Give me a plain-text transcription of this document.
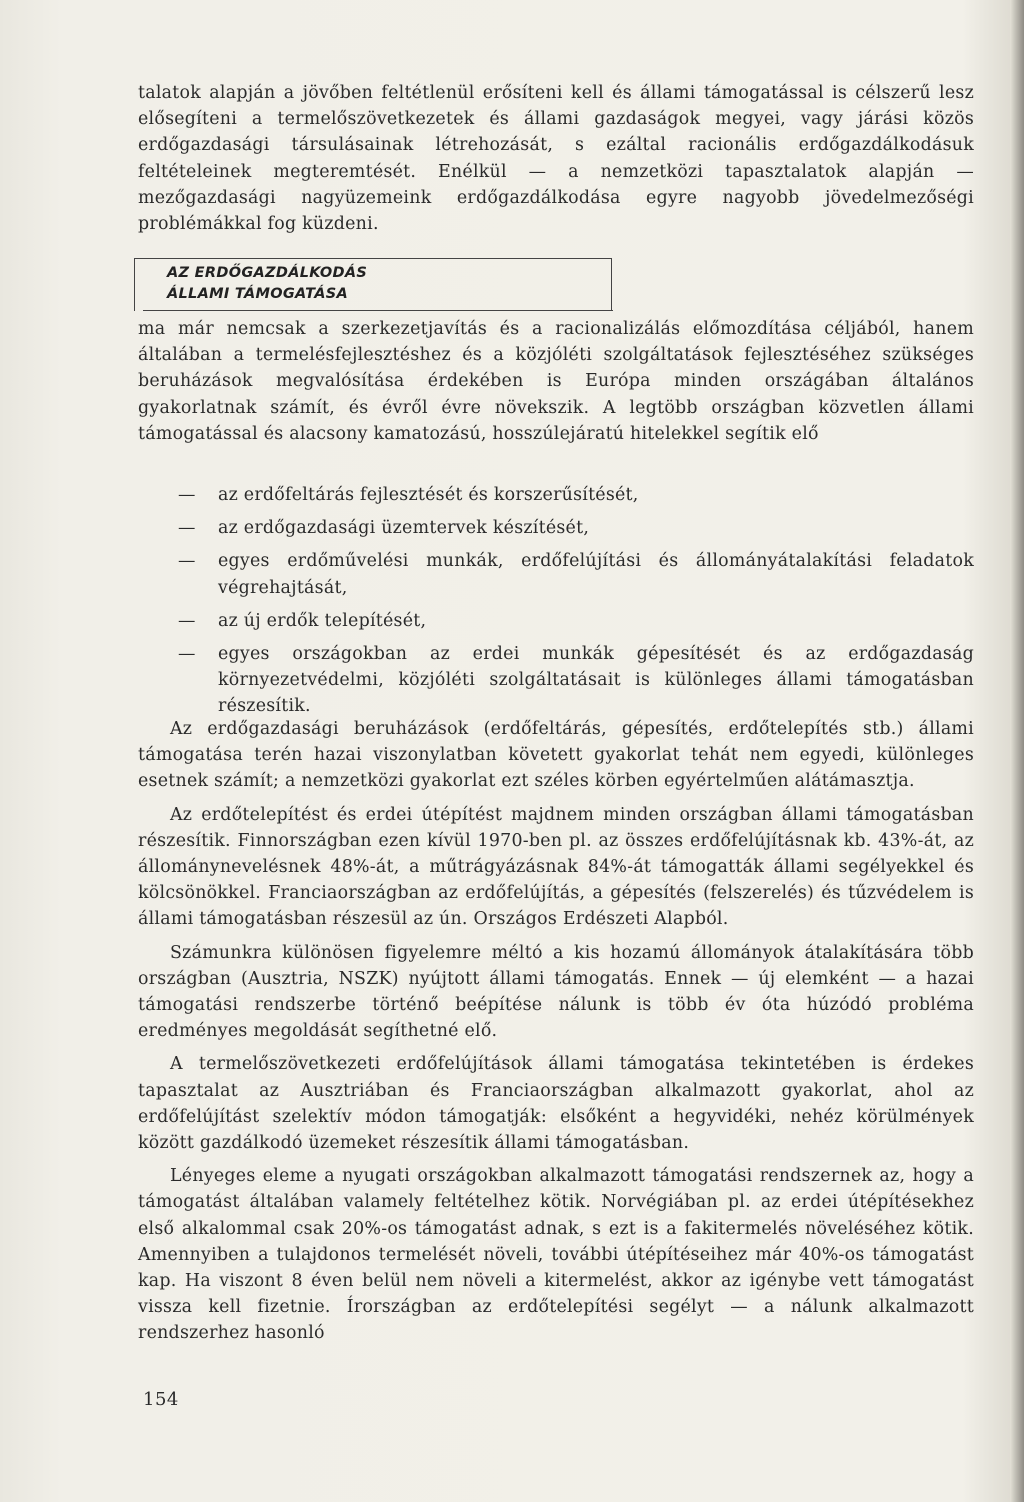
talatok alapján a jövőben feltétlenül erősíteni kell és állami támogatással is célszerű lesz elősegíteni a termelőszövetkezetek és állami gazdaságok megyei, vagy járási közös erdőgazdasági társulásainak létrehozását, s ezáltal racionális erdőgazdálkodásuk feltételeinek megteremtését. Enélkül — a nemzetközi tapasztalatok alapján — mezőgazdasági nagyüzemeink erdőgazdálkodása egyre nagyobb jövedelmezőségi problémákkal fog küzdeni.

AZ ERDŐGAZDÁLKODÁS
ÁLLAMI TÁMOGATÁSA

ma már nemcsak a szerkezetjavítás és a racionalizálás előmozdítása céljából, hanem általában a termelésfejlesztéshez és a közjóléti szolgáltatások fejlesztéséhez szükséges beruházások megvalósítása érdekében is Európa minden országában általános gyakorlatnak számít, és évről évre növekszik. A legtöbb országban közvetlen állami támogatással és alacsony kamatozású, hosszúlejáratú hitelekkel segítik elő

— az erdőfeltárás fejlesztését és korszerűsítését,
— az erdőgazdasági üzemtervek készítését,
— egyes erdőművelési munkák, erdőfelújítási és állományátalakítási feladatok végrehajtását,
— az új erdők telepítését,
— egyes országokban az erdei munkák gépesítését és az erdőgazdaság környezetvédelmi, közjóléti szolgáltatásait is különleges állami támogatásban részesítik.

Az erdőgazdasági beruházások (erdőfeltárás, gépesítés, erdőtelepítés stb.) állami támogatása terén hazai viszonylatban követett gyakorlat tehát nem egyedi, különleges esetnek számít; a nemzetközi gyakorlat ezt széles körben egyértelműen alátámasztja.

Az erdőtelepítést és erdei útépítést majdnem minden országban állami támogatásban részesítik. Finnországban ezen kívül 1970-ben pl. az összes erdőfelújításnak kb. 43%-át, az állománynevelésnek 48%-át, a műtrágyázásnak 84%-át támogatták állami segélyekkel és kölcsönökkel. Franciaországban az erdőfelújítás, a gépesítés (felszerelés) és tűzvédelem is állami támogatásban részesül az ún. Országos Erdészeti Alapból.

Számunkra különösen figyelemre méltó a kis hozamú állományok átalakítására több országban (Ausztria, NSZK) nyújtott állami támogatás. Ennek — új elemként — a hazai támogatási rendszerbe történő beépítése nálunk is több év óta húzódó probléma eredményes megoldását segíthetné elő.

A termelőszövetkezeti erdőfelújítások állami támogatása tekintetében is érdekes tapasztalat az Ausztriában és Franciaországban alkalmazott gyakorlat, ahol az erdőfelújítást szelektív módon támogatják: elsőként a hegyvidéki, nehéz körülmények között gazdálkodó üzemeket részesítik állami támogatásban.

Lényeges eleme a nyugati országokban alkalmazott támogatási rendszernek az, hogy a támogatást általában valamely feltételhez kötik. Norvégiában pl. az erdei útépítésekhez első alkalommal csak 20%-os támogatást adnak, s ezt is a fakitermelés növeléséhez kötik. Amennyiben a tulajdonos termelését növeli, további útépítéseihez már 40%-os támogatást kap. Ha viszont 8 éven belül nem növeli a kitermelést, akkor az igénybe vett támogatást vissza kell fizetnie. Írországban az erdőtelepítési segélyt — a nálunk alkalmazott rendszerhez hasonló

154
